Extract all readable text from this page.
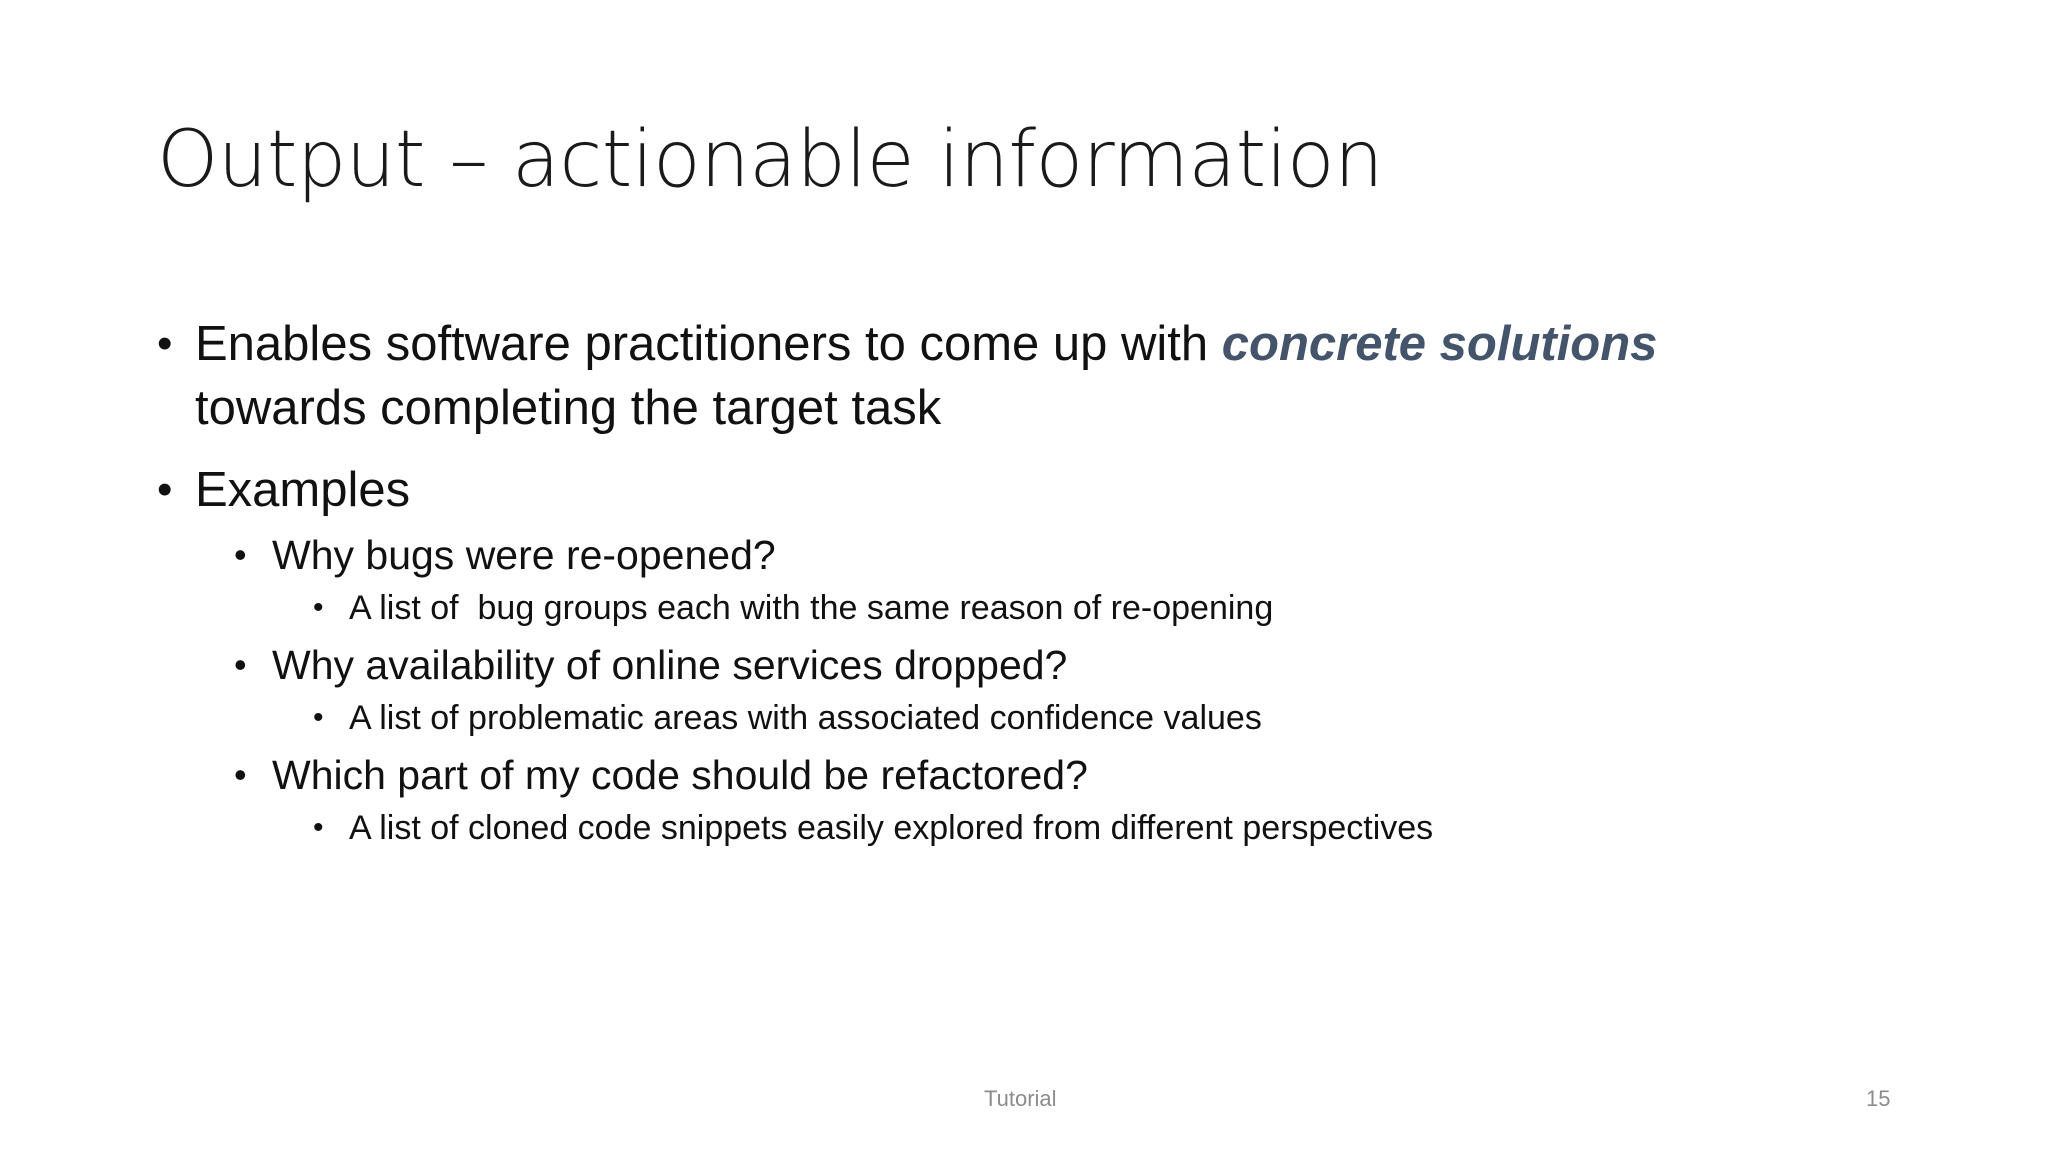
Output – actionable information
• Enables software practitioners to come up with concrete solutions
towards completing the target task
• Examples
• Why bugs were re-opened?
• A list of  bug groups each with the same reason of re-opening
• Why availability of online services dropped?
• A list of problematic areas with associated confidence values
• Which part of my code should be refactored?
• A list of cloned code snippets easily explored from different perspectives
Tutorial	15
